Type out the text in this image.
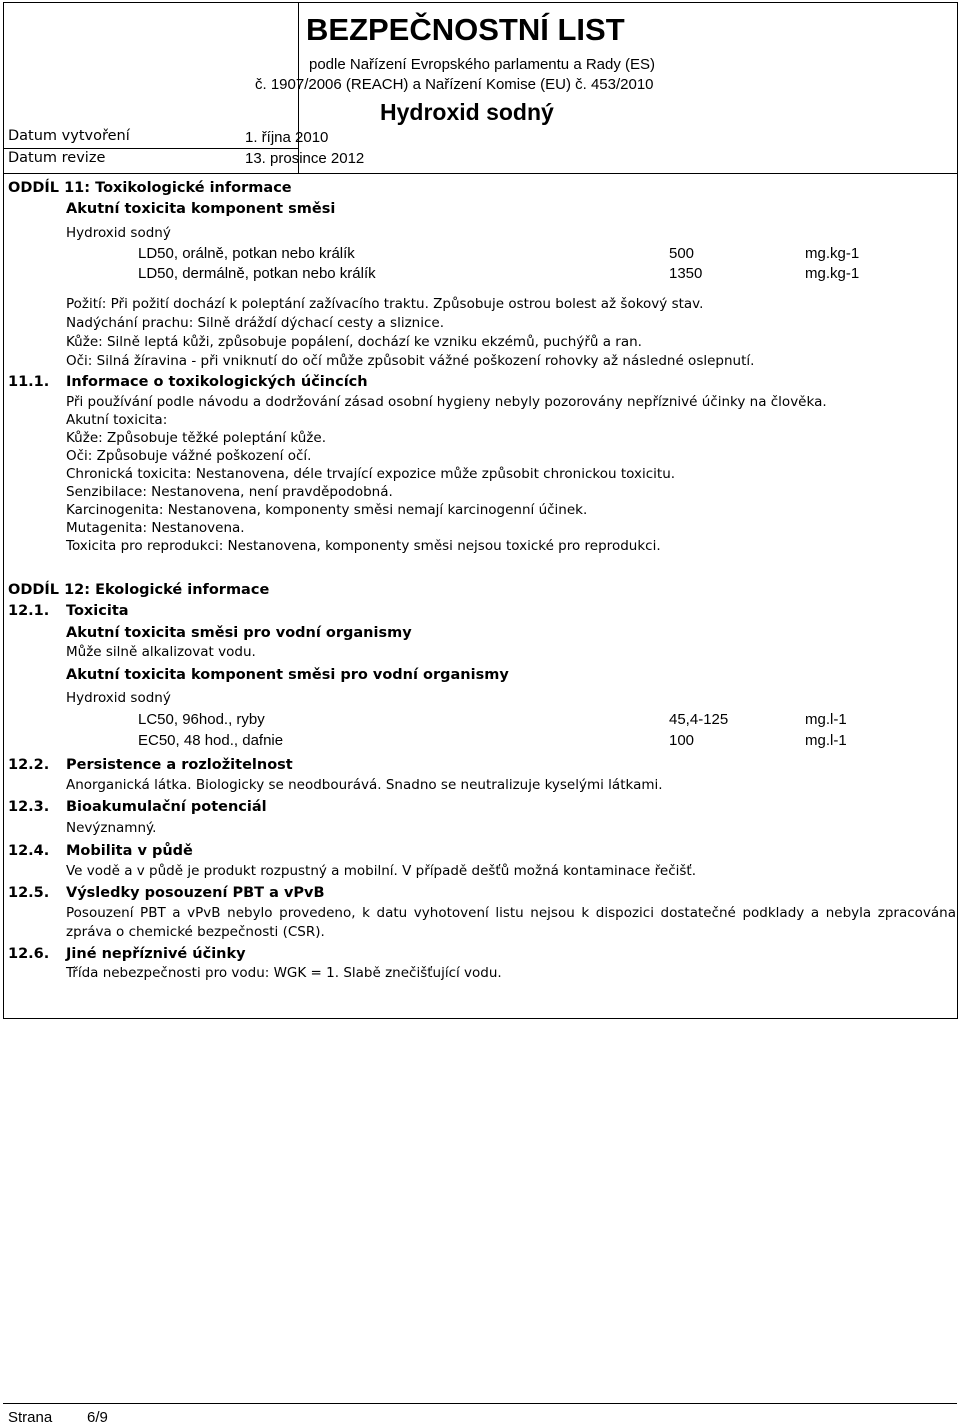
BEZPEČNOSTNÍ LIST
podle Nařízení Evropského parlamentu a Rady (ES)
č. 1907/2006 (REACH) a Nařízení Komise (EU) č. 453/2010
Hydroxid sodný
Datum vytvoření	1. října 2010
Datum revize	13. prosince 2012
ODDÍL 11: Toxikologické informace
Akutní toxicita komponent směsi
Hydroxid sodný
LD50, orálně, potkan nebo králík	500	mg.kg-1
LD50, dermálně, potkan nebo králík	1350	mg.kg-1
Požití: Při požití dochází k poleptání zažívacího traktu. Způsobuje ostrou bolest až šokový stav.
Nadýchání prachu: Silně dráždí dýchací cesty a sliznice.
Kůže: Silně leptá kůži, způsobuje popálení, dochází ke vzniku ekzémů, puchýřů a ran.
Oči: Silná žíravina - při vniknutí do očí může způsobit vážné poškození rohovky až následné oslepnutí.
11.1. Informace o toxikologických účincích
Při používání podle návodu a dodržování zásad osobní hygieny nebyly pozorovány nepříznivé účinky na člověka.
Akutní toxicita:
Kůže: Způsobuje těžké poleptání kůže.
Oči: Způsobuje vážné poškození očí.
Chronická toxicita: Nestanovena, déle trvající expozice může způsobit chronickou toxicitu.
Senzibilace: Nestanovena, není pravděpodobná.
Karcinogenita: Nestanovena, komponenty směsi nemají karcinogenní účinek.
Mutagenita: Nestanovena.
Toxicita pro reprodukci: Nestanovena, komponenty směsi nejsou toxické pro reprodukci.
ODDÍL 12: Ekologické informace
12.1. Toxicita
Akutní toxicita směsi pro vodní organismy
Může silně alkalizovat vodu.
Akutní toxicita komponent směsi pro vodní organismy
Hydroxid sodný
LC50, 96hod., ryby	45,4-125	mg.l-1
EC50, 48 hod., dafnie	100	mg.l-1
12.2. Persistence a rozložitelnost
Anorganická látka. Biologicky se neodbourává. Snadno se neutralizuje kyselými látkami.
12.3. Bioakumulační potenciál
Nevýznamný.
12.4. Mobilita v půdě
Ve vodě a v půdě je produkt rozpustný a mobilní. V případě dešťů možná kontaminace řečišť.
12.5. Výsledky posouzení PBT a vPvB
Posouzení PBT a vPvB nebylo provedeno, k datu vyhotovení listu nejsou k dispozici dostatečné podklady a nebyla zpracována zpráva o chemické bezpečnosti (CSR).
12.6. Jiné nepříznivé účinky
Třída nebezpečnosti pro vodu: WGK = 1. Slabě znečišťující vodu.
Strana 6/9
